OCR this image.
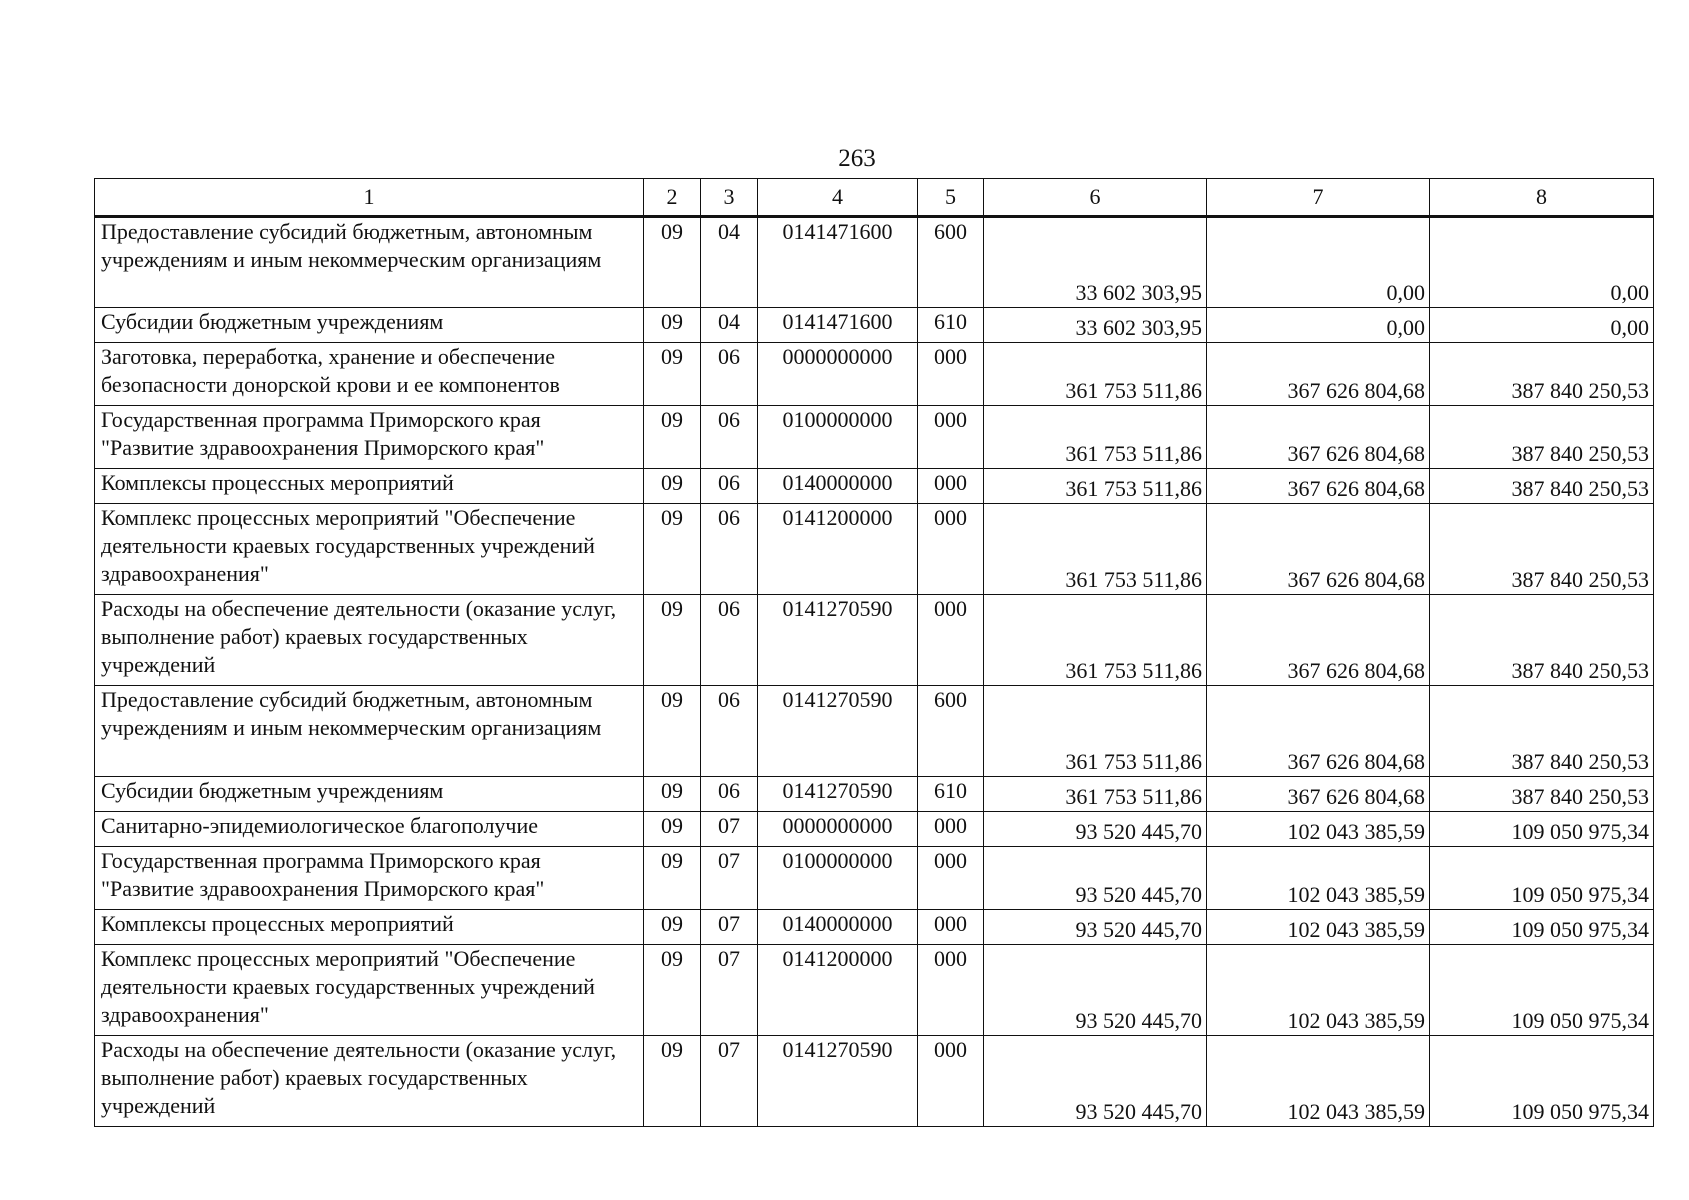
263
1	2	3	4	5	6	7	8
Предоставление субсидий бюджетным, автономным учреждениям и иным некоммерческим организациям	09	04	0141471600	600	33 602 303,95	0,00	0,00
Субсидии бюджетным учреждениям	09	04	0141471600	610	33 602 303,95	0,00	0,00
Заготовка, переработка, хранение и обеспечение безопасности донорской крови и ее компонентов	09	06	0000000000	000	361 753 511,86	367 626 804,68	387 840 250,53
Государственная программа Приморского края "Развитие здравоохранения Приморского края"	09	06	0100000000	000	361 753 511,86	367 626 804,68	387 840 250,53
Комплексы процессных мероприятий	09	06	0140000000	000	361 753 511,86	367 626 804,68	387 840 250,53
Комплекс процессных мероприятий "Обеспечение деятельности краевых государственных учреждений здравоохранения"	09	06	0141200000	000	361 753 511,86	367 626 804,68	387 840 250,53
Расходы на обеспечение деятельности (оказание услуг, выполнение работ) краевых государственных учреждений	09	06	0141270590	000	361 753 511,86	367 626 804,68	387 840 250,53
Предоставление субсидий бюджетным, автономным учреждениям и иным некоммерческим организациям	09	06	0141270590	600	361 753 511,86	367 626 804,68	387 840 250,53
Субсидии бюджетным учреждениям	09	06	0141270590	610	361 753 511,86	367 626 804,68	387 840 250,53
Санитарно-эпидемиологическое благополучие	09	07	0000000000	000	93 520 445,70	102 043 385,59	109 050 975,34
Государственная программа Приморского края "Развитие здравоохранения Приморского края"	09	07	0100000000	000	93 520 445,70	102 043 385,59	109 050 975,34
Комплексы процессных мероприятий	09	07	0140000000	000	93 520 445,70	102 043 385,59	109 050 975,34
Комплекс процессных мероприятий "Обеспечение деятельности краевых государственных учреждений здравоохранения"	09	07	0141200000	000	93 520 445,70	102 043 385,59	109 050 975,34
Расходы на обеспечение деятельности (оказание услуг, выполнение работ) краевых государственных учреждений	09	07	0141270590	000	93 520 445,70	102 043 385,59	109 050 975,34
